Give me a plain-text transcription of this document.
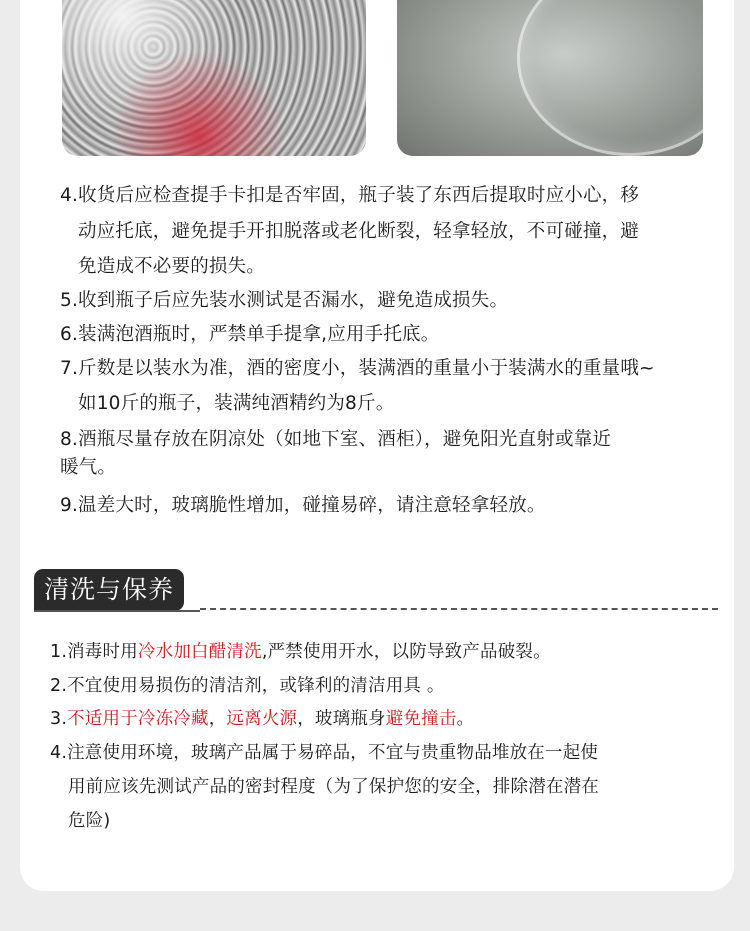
4.收货后应检查提手卡扣是否牢固，瓶子装了东西后提取时应小心，移
动应托底，避免提手开扣脱落或老化断裂，轻拿轻放，不可碰撞，避
免造成不必要的损失。
5.收到瓶子后应先装水测试是否漏水，避免造成损失。
6.装满泡酒瓶时，严禁单手提拿,应用手托底。
7.斤数是以装水为准，酒的密度小，装满酒的重量小于装满水的重量哦~
如10斤的瓶子，装满纯酒精约为8斤。
8.酒瓶尽量存放在阴凉处（如地下室、酒柜），避免阳光直射或靠近
暖气。
9.温差大时，玻璃脆性增加，碰撞易碎，请注意轻拿轻放。
清洗与保养
1.消毒时用冷水加白醋清洗,严禁使用开水，以防导致产品破裂。
2.不宜使用易损伤的清洁剂，或锋利的清洁用具 。
3.不适用于冷冻冷藏，远离火源，玻璃瓶身避免撞击。
4.注意使用环境，玻璃产品属于易碎品，不宜与贵重物品堆放在一起使
用前应该先测试产品的密封程度（为了保护您的安全，排除潜在潜在
危险)
